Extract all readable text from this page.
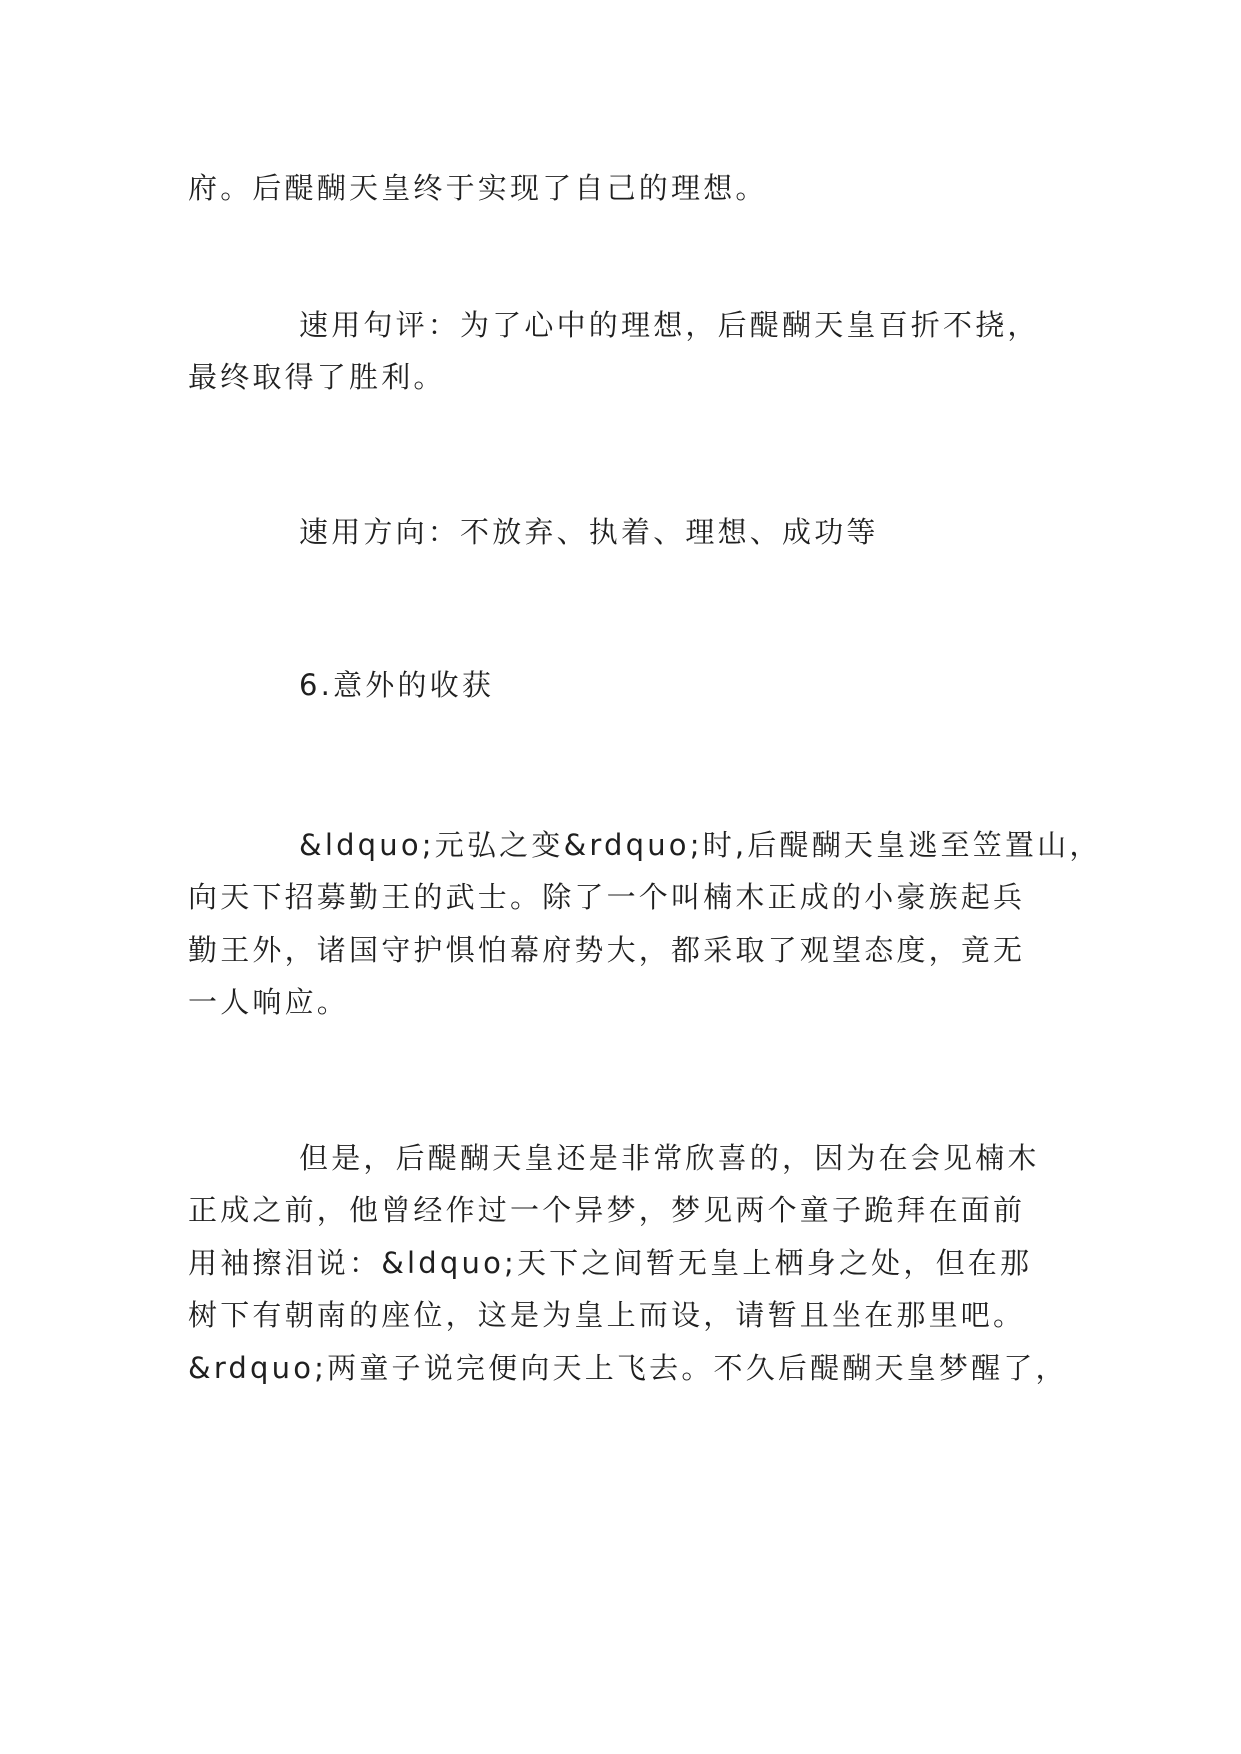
府。后醍醐天皇终于实现了自己的理想。
速用句评：为了心中的理想，后醍醐天皇百折不挠，
最终取得了胜利。
速用方向：不放弃、执着、理想、成功等
6.意外的收获
&ldquo;元弘之变&rdquo;时,后醍醐天皇逃至笠置山，
向天下招募勤王的武士。除了一个叫楠木正成的小豪族起兵
勤王外，诸国守护惧怕幕府势大，都采取了观望态度，竟无
一人响应。
但是，后醍醐天皇还是非常欣喜的，因为在会见楠木
正成之前，他曾经作过一个异梦，梦见两个童子跪拜在面前
用袖擦泪说：&ldquo;天下之间暂无皇上栖身之处，但在那
树下有朝南的座位，这是为皇上而设，请暂且坐在那里吧。
&rdquo;两童子说完便向天上飞去。不久后醍醐天皇梦醒了，
